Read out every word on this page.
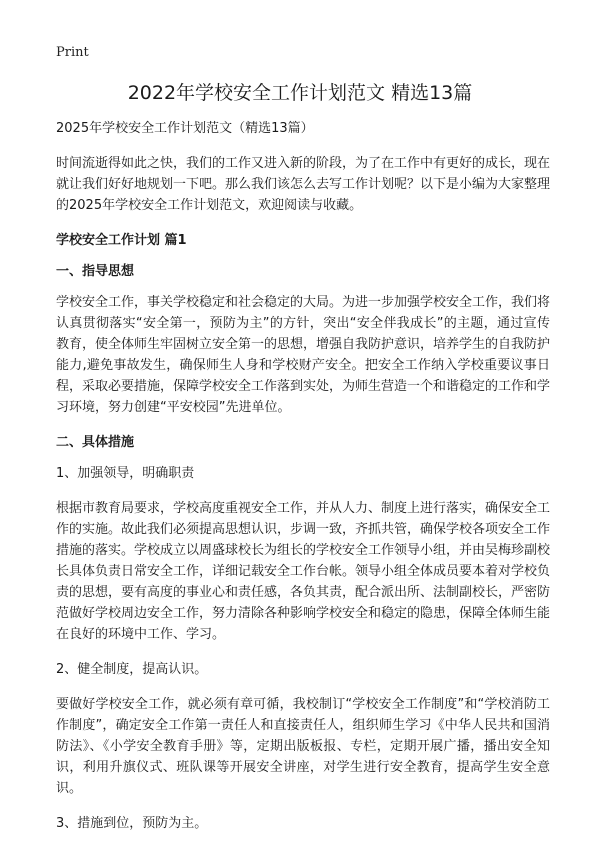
Print
2022年学校安全工作计划范文 精选13篇

2025年学校安全工作计划范文（精选13篇）

时间流逝得如此之快，我们的工作又进入新的阶段，为了在工作中有更好的成长，现在就让我们好好地规划一下吧。那么我们该怎么去写工作计划呢？以下是小编为大家整理的2025年学校安全工作计划范文，欢迎阅读与收藏。

学校安全工作计划 篇1

一、指导思想

学校安全工作，事关学校稳定和社会稳定的大局。为进一步加强学校安全工作，我们将认真贯彻落实“安全第一，预防为主”的方针，突出“安全伴我成长”的主题，通过宣传教育，使全体师生牢固树立安全第一的思想，增强自我防护意识，培养学生的自我防护能力,避免事故发生，确保师生人身和学校财产安全。把安全工作纳入学校重要议事日程，采取必要措施，保障学校安全工作落到实处，为师生营造一个和谐稳定的工作和学习环境，努力创建“平安校园”先进单位。

二、具体措施

1、加强领导，明确职责

根据市教育局要求，学校高度重视安全工作，并从人力、制度上进行落实，确保安全工作的实施。故此我们必须提高思想认识，步调一致，齐抓共管，确保学校各项安全工作措施的落实。学校成立以周盛球校长为组长的学校安全工作领导小组，并由吴梅珍副校长具体负责日常安全工作，详细记载安全工作台帐。领导小组全体成员要本着对学校负责的思想，要有高度的事业心和责任感，各负其责，配合派出所、法制副校长，严密防范做好学校周边安全工作，努力清除各种影响学校安全和稳定的隐患，保障全体师生能在良好的环境中工作、学习。

2、健全制度，提高认识。

要做好学校安全工作，就必须有章可循，我校制订“学校安全工作制度”和“学校消防工作制度”，确定安全工作第一责任人和直接责任人，组织师生学习《中华人民共和国消防法》、《小学安全教育手册》等，定期出版板报、专栏，定期开展广播，播出安全知识，利用升旗仪式、班队课等开展安全讲座，对学生进行安全教育，提高学生安全意识。

3、措施到位，预防为主。
